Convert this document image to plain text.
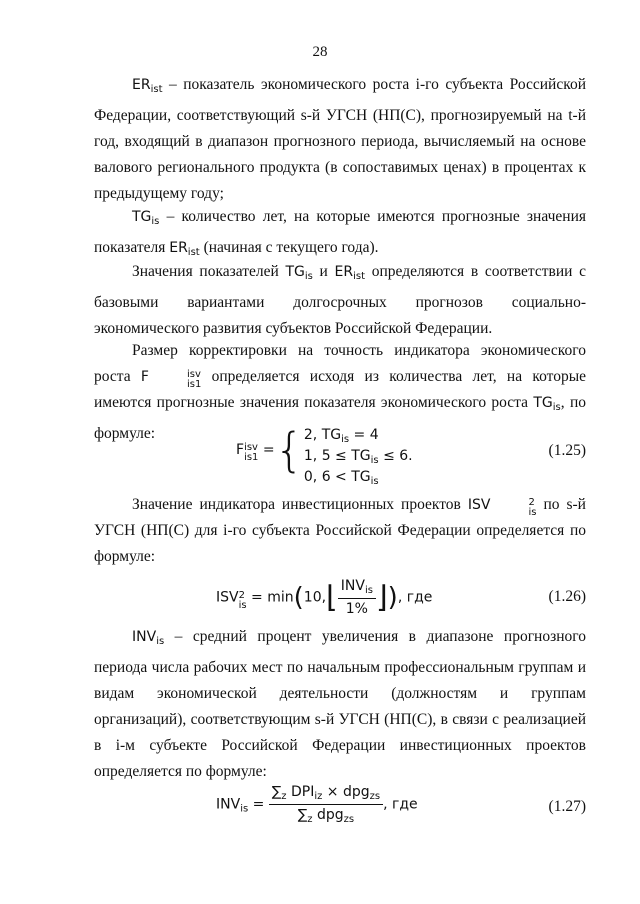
28

$ER_{ist}$ – показатель экономического роста i-го субъекта Российской Федерации, соответствующий s-й УГСН (НП(С), прогнозируемый на t-й год, входящий в диапазон прогнозного периода, вычисляемый на основе валового регионального продукта (в сопоставимых ценах) в процентах к предыдущему году;

$TG_{is}$ – количество лет, на которые имеются прогнозные значения показателя $ER_{ist}$ (начиная с текущего года).

Значения показателей $TG_{is}$ и $ER_{ist}$ определяются в соответствии с базовыми вариантами долгосрочных прогнозов социально-экономического развития субъектов Российской Федерации.

Размер корректировки на точность индикатора экономического роста F	isv
is1 определяется исходя из количества лет, на которые имеются прогнозные значения показателя экономического роста $TG_{is}$, по формуле:

F isv
is1 ={ 2, $TG_{is} = 4$
1, $5 \le TG_{is} \le 6$.
0, $6 < TG_{is}$
(1.25)

Значение индикатора инвестиционных проектов ISV	2
is по s-й УГСН (НП(С) для i-го субъекта Российской Федерации определяется по формуле:

ISV 2
is = min(10,⌊ $\frac{INV_{is}}{1\%}$ ⌋), где	(1.26)

$INV_{is}$ – средний процент увеличения в диапазоне прогнозного периода числа рабочих мест по начальным профессиональным группам и видам экономической деятельности (должностям и группам организаций), соответствующим s-й УГСН (НП(С), в связи с реализацией в i-м субъекте Российской Федерации инвестиционных проектов определяется по формуле:

$INV_{is} = \frac{\sum_z DPI_{iz} \times dpg_{zs}}{\sum_z dpg_{zs}}$ , где	(1.27)
